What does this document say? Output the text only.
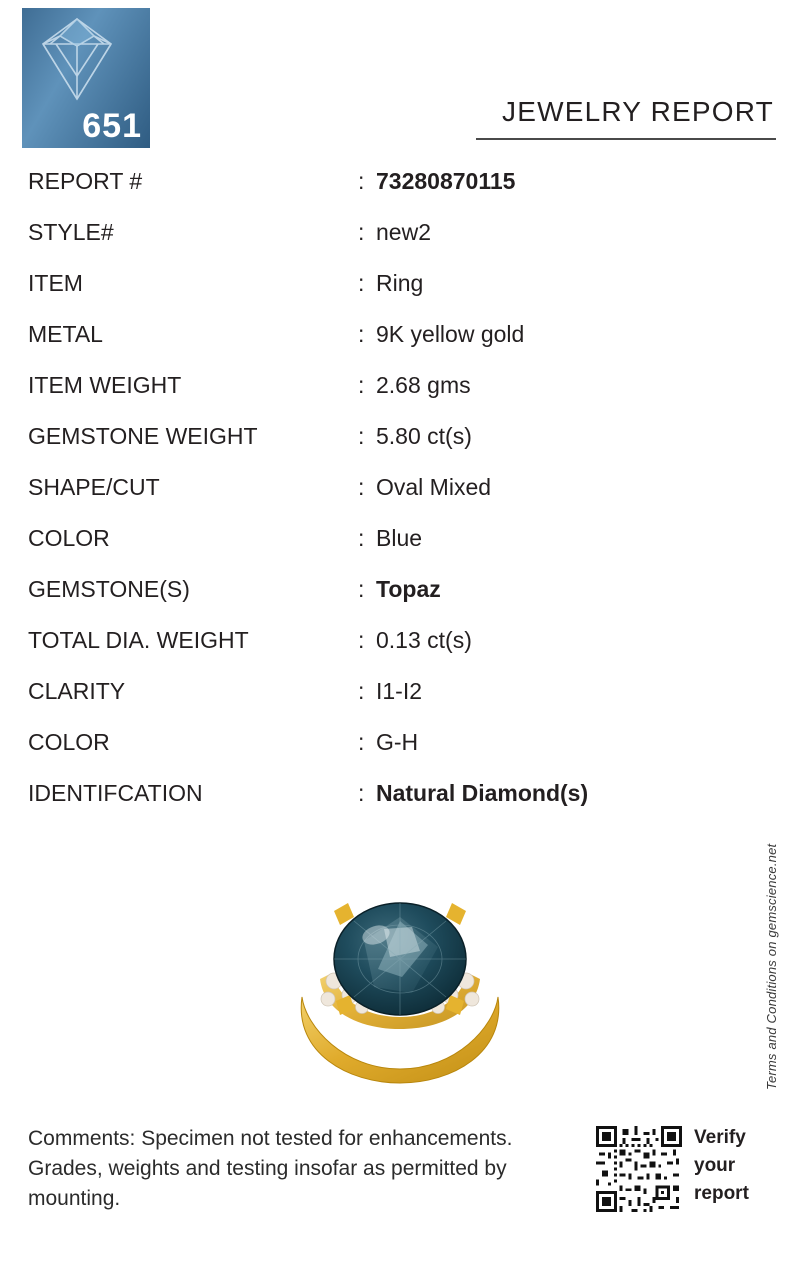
651	JEWELRY REPORT
REPORT #	: 73280870115
STYLE#	: new2
ITEM	: Ring
METAL	: 9K yellow gold
ITEM WEIGHT	: 2.68 gms
GEMSTONE WEIGHT	: 5.80 ct(s)
SHAPE/CUT	: Oval Mixed
COLOR	: Blue
GEMSTONE(S)	: Topaz
TOTAL DIA. WEIGHT	: 0.13 ct(s)
CLARITY	: I1-I2
COLOR	: G-H
IDENTIFCATION	: Natural Diamond(s)
Terms and Conditions on gemscience.net
Comments: Specimen not tested for enhancements. Grades, weights and testing insofar as permitted by mounting.
Verify
your
report
